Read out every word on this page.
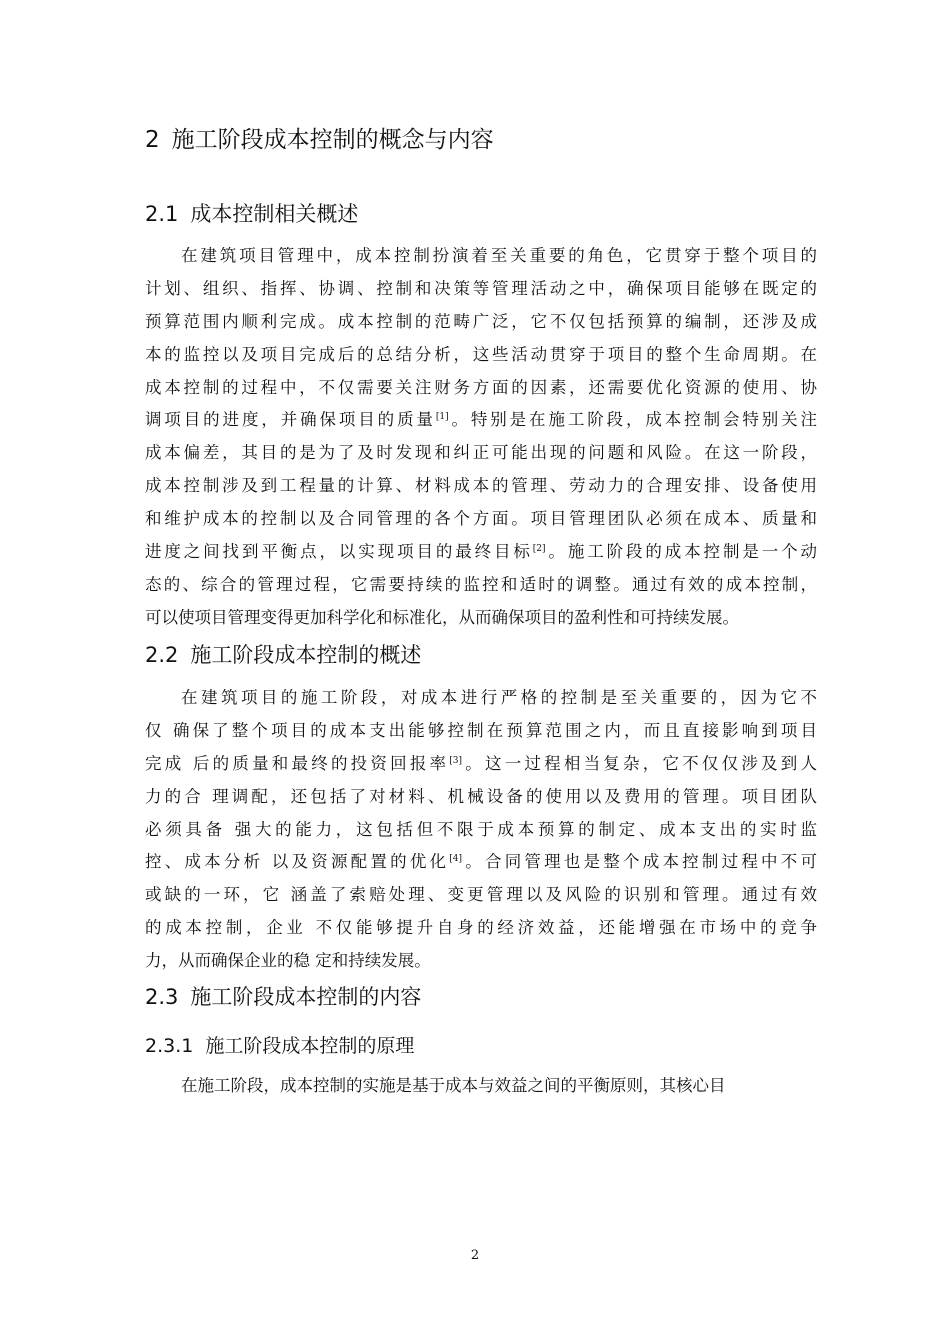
2 施工阶段成本控制的概念与内容
2.1 成本控制相关概述
在建筑项目管理中，成本控制扮演着至关重要的角色，它贯穿于整个项目的
计划、组织、指挥、协调、控制和决策等管理活动之中，确保项目能够在既定的
预算范围内顺利完成。成本控制的范畴广泛，它不仅包括预算的编制，还涉及成
本的监控以及项目完成后的总结分析，这些活动贯穿于项目的整个生命周期。在
成本控制的过程中，不仅需要关注财务方面的因素，还需要优化资源的使用、协
调项目的进度，并确保项目的质量[1]。特别是在施工阶段，成本控制会特别关注
成本偏差，其目的是为了及时发现和纠正可能出现的问题和风险。在这一阶段，
成本控制涉及到工程量的计算、材料成本的管理、劳动力的合理安排、设备使用
和维护成本的控制以及合同管理的各个方面。项目管理团队必须在成本、质量和
进度之间找到平衡点，以实现项目的最终目标[2]。施工阶段的成本控制是一个动
态的、综合的管理过程，它需要持续的监控和适时的调整。通过有效的成本控制，
可以使项目管理变得更加科学化和标准化，从而确保项目的盈利性和可持续发展。
2.2 施工阶段成本控制的概述
在建筑项目的施工阶段，对成本进行严格的控制是至关重要的，因为它不
仅 确保了整个项目的成本支出能够控制在预算范围之内，而且直接影响到项目
完成 后的质量和最终的投资回报率[3]。这一过程相当复杂，它不仅仅涉及到人
力的合 理调配，还包括了对材料、机械设备的使用以及费用的管理。项目团队
必须具备 强大的能力，这包括但不限于成本预算的制定、成本支出的实时监
控、成本分析 以及资源配置的优化[4]。合同管理也是整个成本控制过程中不可
或缺的一环，它 涵盖了索赔处理、变更管理以及风险的识别和管理。通过有效
的成本控制，企业 不仅能够提升自身的经济效益，还能增强在市场中的竞争
力，从而确保企业的稳 定和持续发展。
2.3 施工阶段成本控制的内容
2.3.1 施工阶段成本控制的原理
在施工阶段，成本控制的实施是基于成本与效益之间的平衡原则，其核心目
2
